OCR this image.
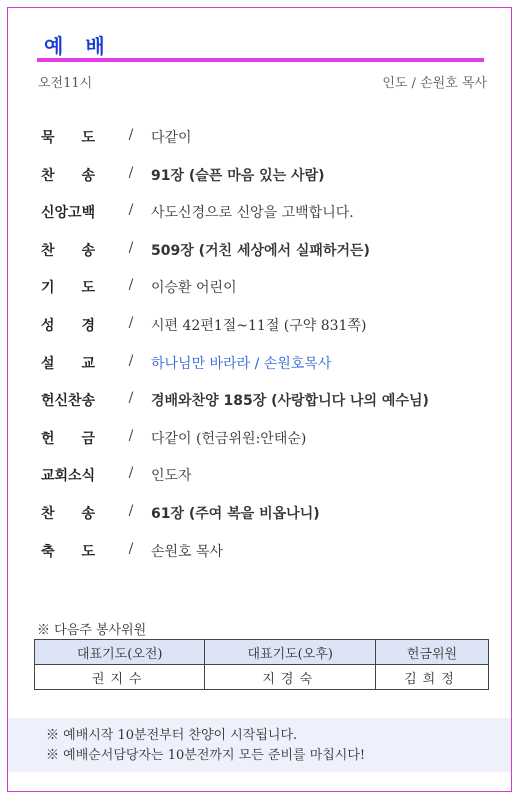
예배
오전11시	인도 / 손원호 목사
묵 도	/	다같이
찬 송	/	91장 (슬픈 마음 있는 사람)
신앙고백	/	사도신경으로 신앙을 고백합니다.
찬 송	/	509장 (거친 세상에서 실패하거든)
기 도	/	이승환 어린이
성 경	/	시편 42편1절~11절 (구약 831쪽)
설 교	/	하나님만 바라라 / 손원호목사
헌신찬송	/	경배와찬양 185장 (사랑합니다 나의 예수님)
헌 금	/	다같이 (헌금위원:안태순)
교회소식	/	인도자
찬 송	/	61장 (주여 복을 비옵나니)
축 도	/	손원호 목사
※ 다음주 봉사위원
대표기도(오전)	대표기도(오후)	헌금위원
권지수	지경숙	김희정
※ 예배시작 10분전부터 찬양이 시작됩니다.
※ 예배순서담당자는 10분전까지 모든 준비를 마칩시다!
